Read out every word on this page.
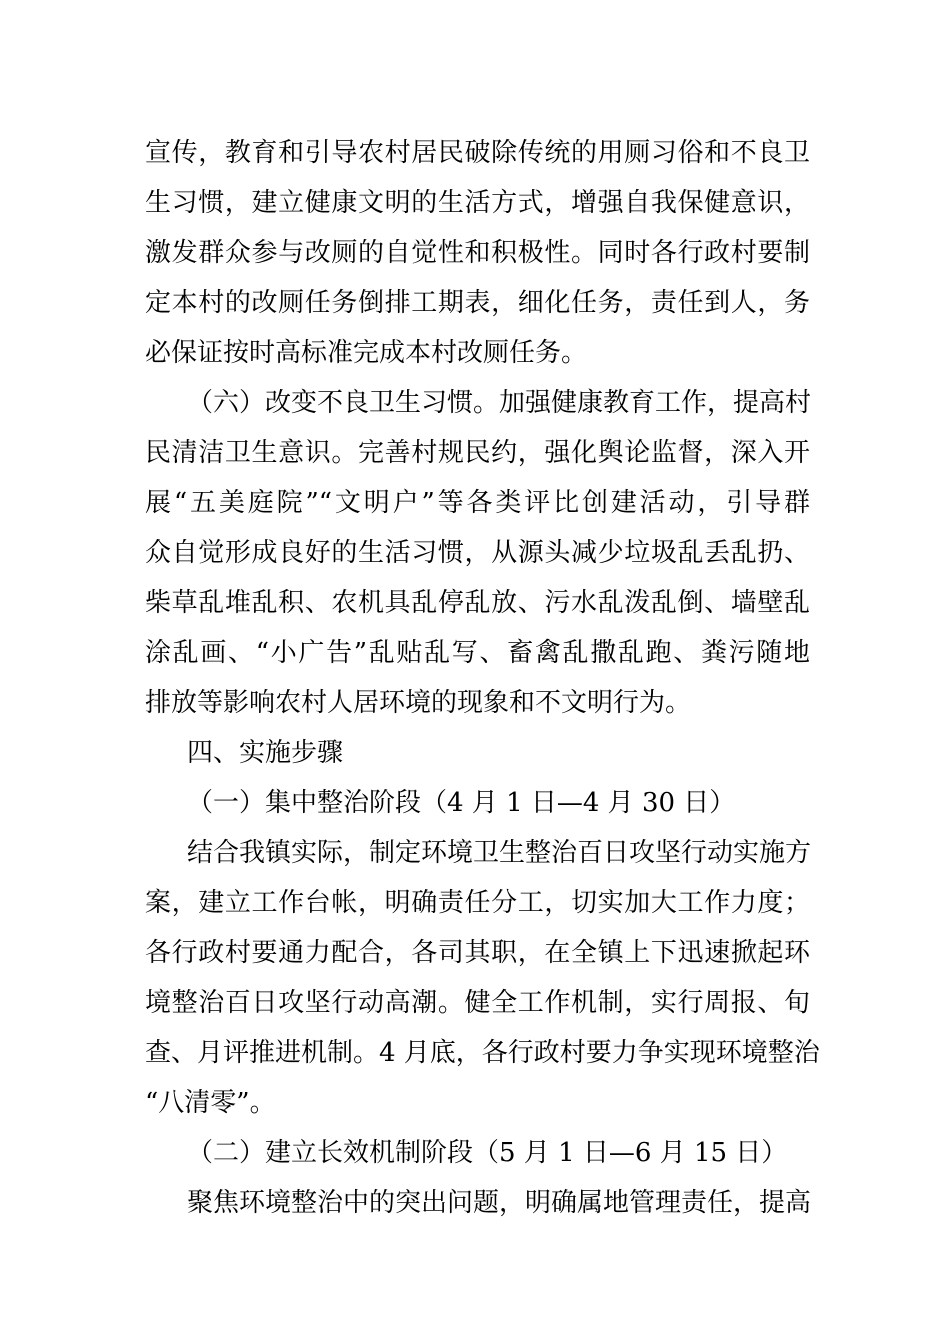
宣传，教育和引导农村居民破除传统的用厕习俗和不良卫
生习惯，建立健康文明的生活方式，增强自我保健意识，
激发群众参与改厕的自觉性和积极性。同时各行政村要制
定本村的改厕任务倒排工期表，细化任务，责任到人，务
必保证按时高标准完成本村改厕任务。
（六）改变不良卫生习惯。加强健康教育工作，提高村
民清洁卫生意识。完善村规民约，强化舆论监督，深入开
展“五美庭院”“文明户”等各类评比创建活动，引导群
众自觉形成良好的生活习惯，从源头减少垃圾乱丢乱扔、
柴草乱堆乱积、农机具乱停乱放、污水乱泼乱倒、墙壁乱
涂乱画、“小广告”乱贴乱写、畜禽乱撒乱跑、粪污随地
排放等影响农村人居环境的现象和不文明行为。
四、实施步骤
（一）集中整治阶段（4 月 1 日—4 月 30 日）
结合我镇实际，制定环境卫生整治百日攻坚行动实施方
案，建立工作台帐，明确责任分工，切实加大工作力度；
各行政村要通力配合，各司其职，在全镇上下迅速掀起环
境整治百日攻坚行动高潮。健全工作机制，实行周报、旬
查、月评推进机制。4 月底，各行政村要力争实现环境整治
“八清零”。
（二）建立长效机制阶段（5 月 1 日—6 月 15 日）
聚焦环境整治中的突出问题，明确属地管理责任，提高
